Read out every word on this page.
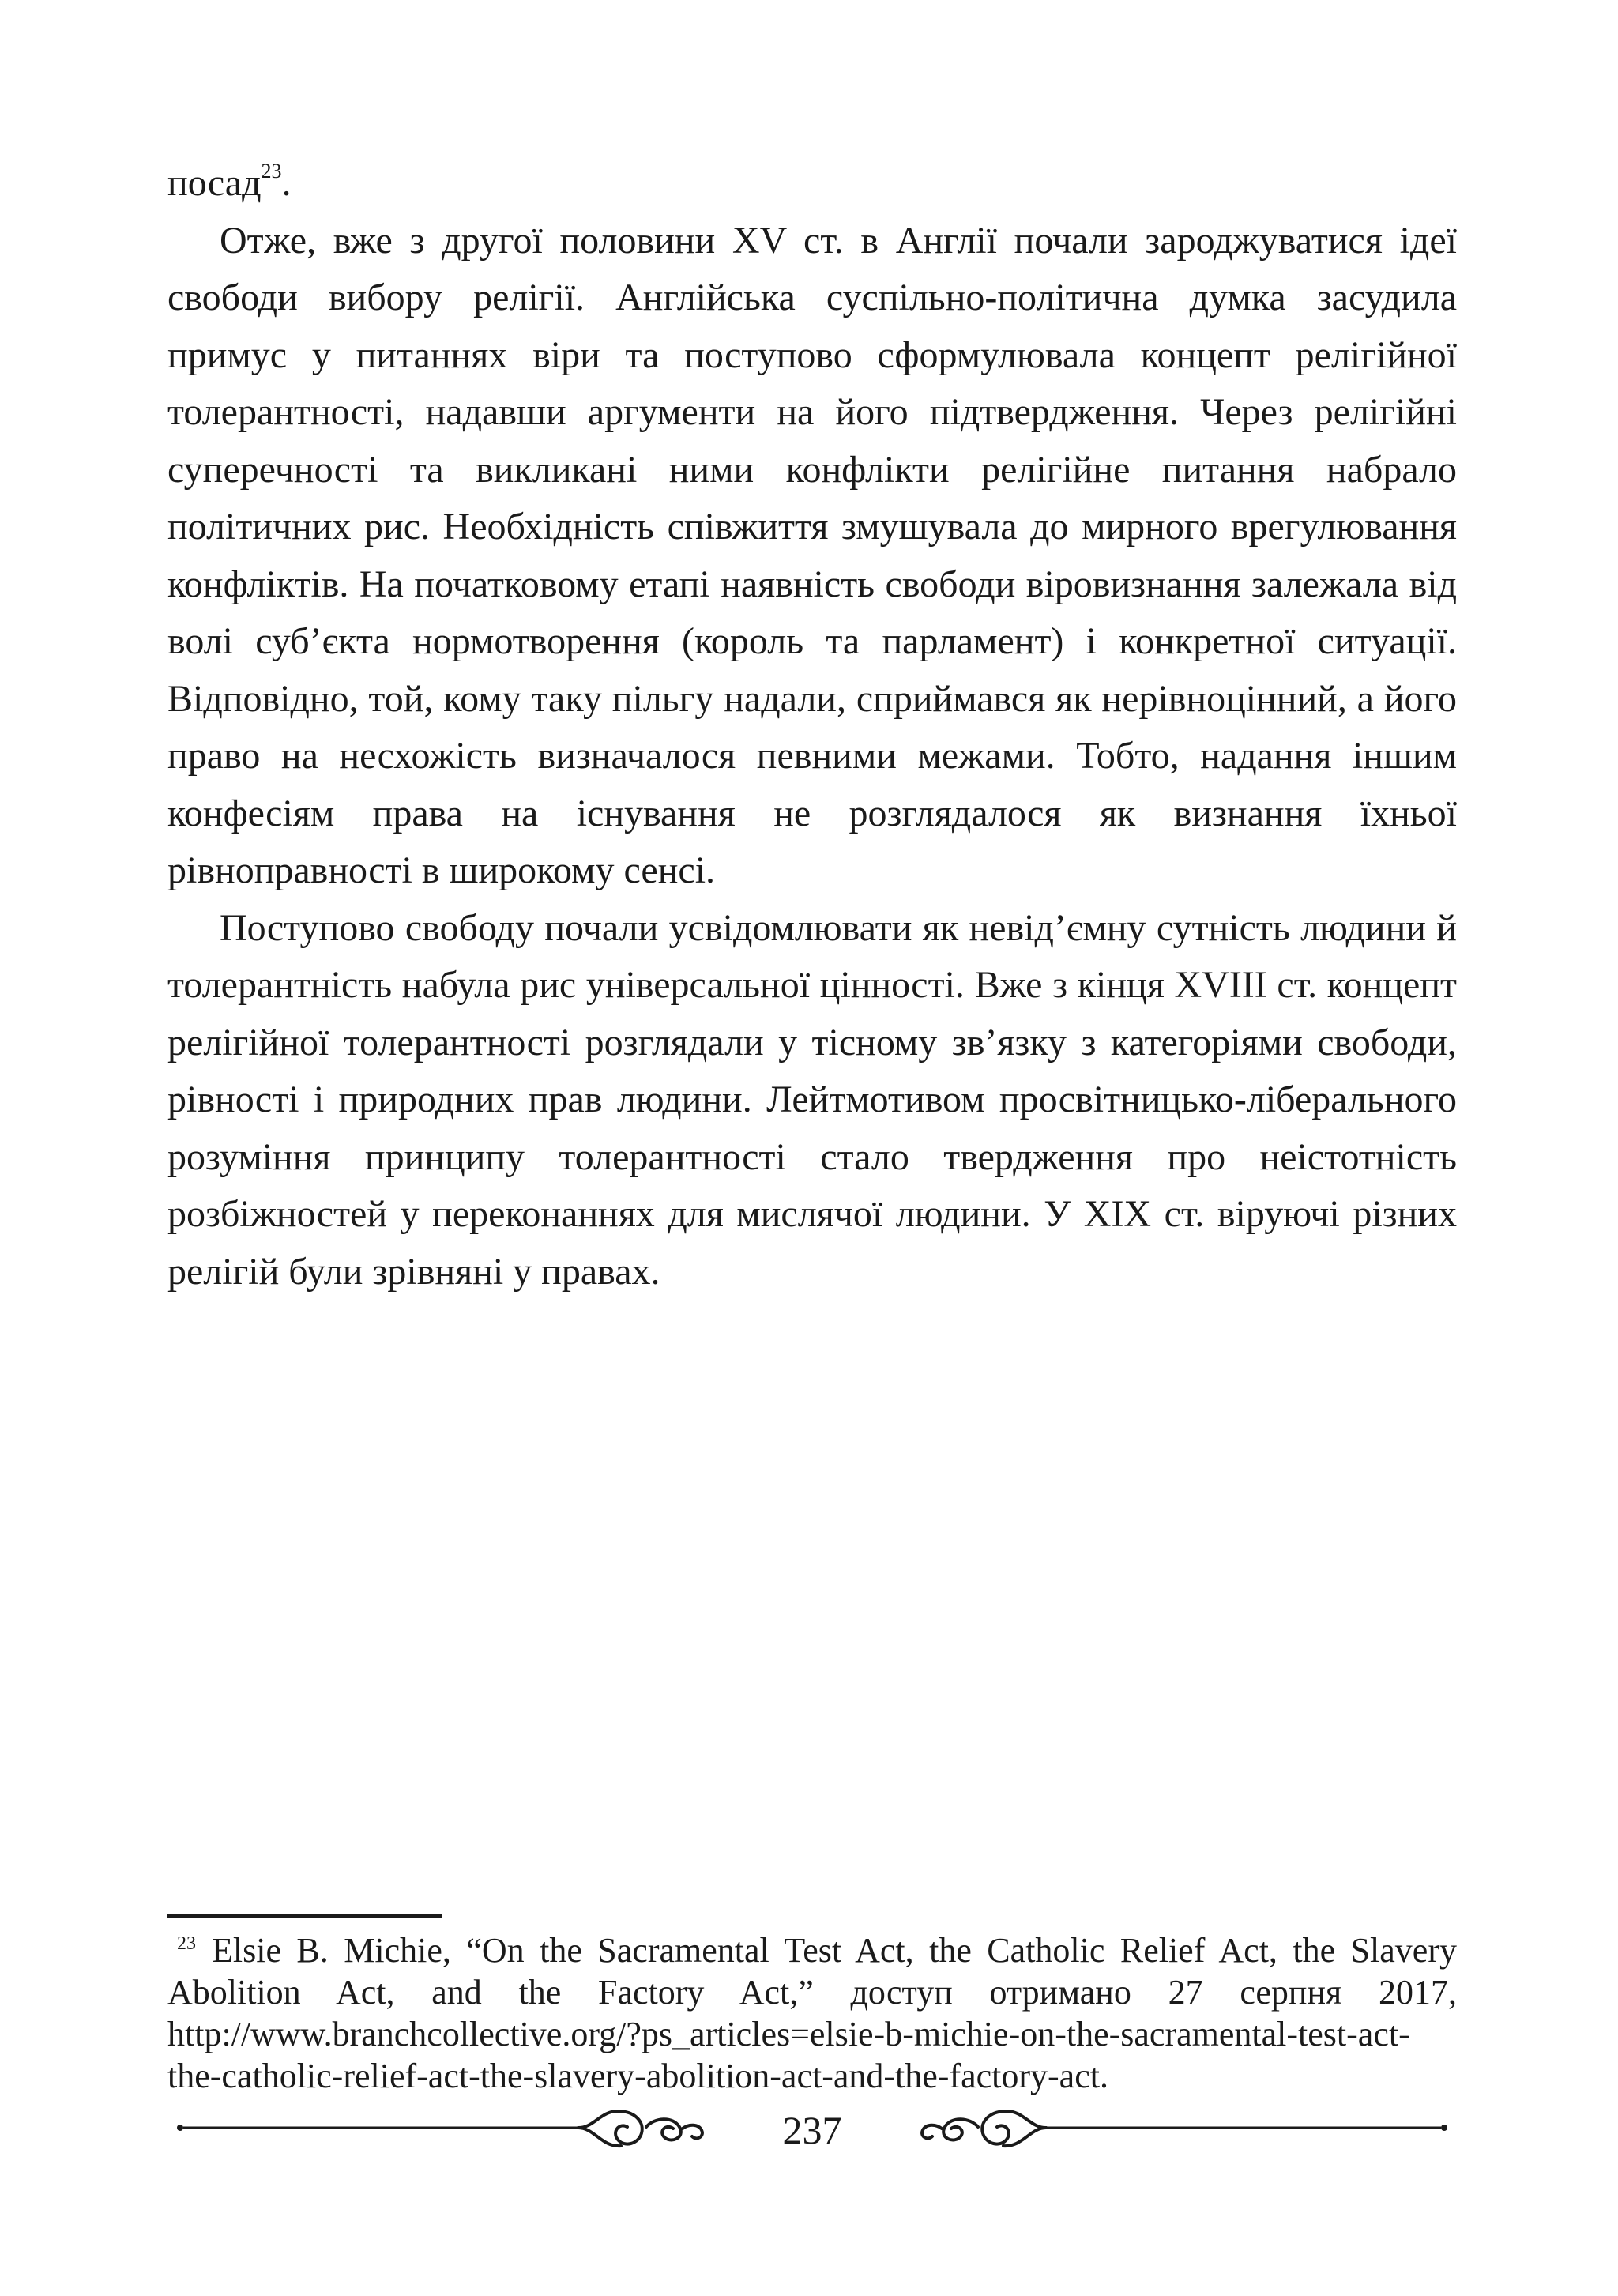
посад$^{23}$.

Отже, вже з другої половини XV ст. в Англії почали зароджуватися ідеї свободи вибору релігії. Англійська суспільно-політична думка засудила примус у питаннях віри та поступово сформулювала концепт релігійної толерантності, надавши аргументи на його підтвердження. Через релігійні суперечності та викликані ними конфлікти релігійне питання набрало політичних рис. Необхідність співжиття змушувала до мирного врегулювання конфліктів. На початковому етапі наявність свободи віровизнання залежала від волі суб’єкта нормотворення (король та парламент) і конкретної ситуації. Відповідно, той, кому таку пільгу надали, сприймався як нерівноцінний, а його право на несхожість визначалося певними межами. Тобто, надання іншим конфесіям права на існування не розглядалося як визнання їхньої рівноправності в широкому сенсі.

Поступово свободу почали усвідомлювати як невід’ємну сутність людини й толерантність набула рис універсальної цінності. Вже з кінця XVIII ст. концепт релігійної толерантності розглядали у тісному зв’язку з категоріями свободи, рівності і природних прав людини. Лейтмотивом просвітницько-ліберального розуміння принципу толерантності стало твердження про неістотність розбіжностей у переконаннях для мислячої людини. У XIX ст. віруючі різних релігій були зрівняні у правах.

$^{23}$ Elsie B. Michie, “On the Sacramental Test Act, the Catholic Relief Act, the Slavery Abolition Act, and the Factory Act,” доступ отримано 27 серпня 2017, http://www.branchcollective.org/?ps_articles=elsie-b-michie-on-the-sacramental-test-act-the-catholic-relief-act-the-slavery-abolition-act-and-the-factory-act.

237
